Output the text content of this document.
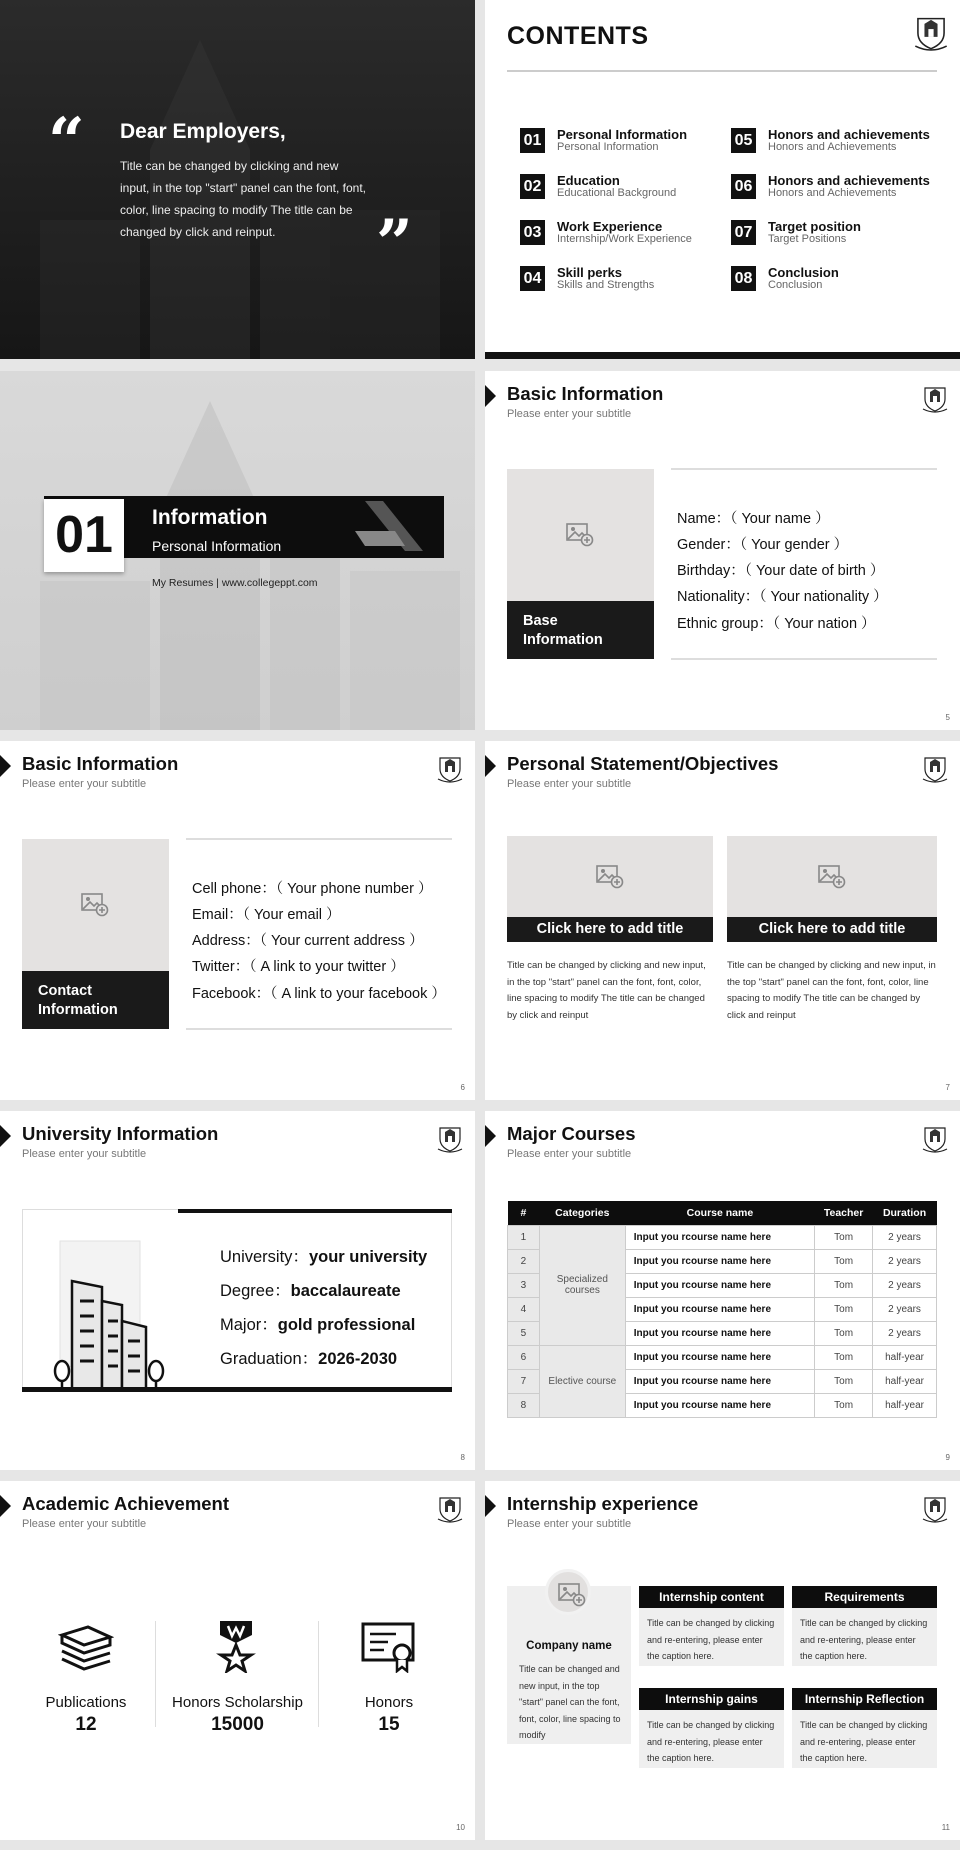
“
”
Dear Employers,
Title can be changed by clicking and new input, in the top "start" panel can the font, font, color, line spacing to modify The title can be changed by click and reinput.
CONTENTS
01 Personal Information
Personal Information
02 Education
Educational Background
03 Work Experience
Internship/Work Experience
04 Skill perks
Skills and Strengths
05 Honors and achievements
Honors and Achievements
06 Honors and achievements
Honors and Achievements
07 Target position
Target Positions
08 Conclusion
Conclusion
01	Information
Personal Information
My Resumes | www.collegeppt.com
Basic Information
Please enter your subtitle
Base Information
Name：（ Your name ）
Gender：（ Your gender ）
Birthday：（ Your date of birth ）
Nationality：（ Your nationality ）
Ethnic group：（ Your nation ）
5
Basic Information
Please enter your subtitle
Contact Information
Cell phone：（ Your phone number ）
Email：（ Your email ）
Address：（ Your current address ）
Twitter：（ A link to your twitter ）
Facebook：（ A link to your facebook ）
6
Personal Statement/Objectives
Please enter your subtitle
Click here to add title
Title can be changed by clicking and new input, in the top "start" panel can the font, font, color, line spacing to modify The title can be changed by click and reinput
Click here to add title
Title can be changed by clicking and new input, in the top "start" panel can the font, font, color, line spacing to modify The title can be changed by click and reinput
7
University Information
Please enter your subtitle
University：your university
Degree：baccalaureate
Major：gold professional
Graduation：2026-2030
8
Major Courses
Please enter your subtitle
#	Categories	Course name	Teacher	Duration
1	Specialized courses	Input you rcourse name here	Tom	2 years
2		Input you rcourse name here	Tom	2 years
3		Input you rcourse name here	Tom	2 years
4		Input you rcourse name here	Tom	2 years
5		Input you rcourse name here	Tom	2 years
6	Elective course	Input you rcourse name here	Tom	half-year
7		Input you rcourse name here	Tom	half-year
8		Input you rcourse name here	Tom	half-year
9
Academic Achievement
Please enter your subtitle
Publications
12
Honors Scholarship
15000
Honors
15
10
Internship experience
Please enter your subtitle
Company name
Title can be changed and new input, in the top "start" panel can the font, font, color, line spacing to modify
Internship content
Title can be changed by clicking and re-entering, please enter the caption here.
Requirements
Title can be changed by clicking and re-entering, please enter the caption here.
Internship gains
Title can be changed by clicking and re-entering, please enter the caption here.
Internship Reflection
Title can be changed by clicking and re-entering, please enter the caption here.
11
